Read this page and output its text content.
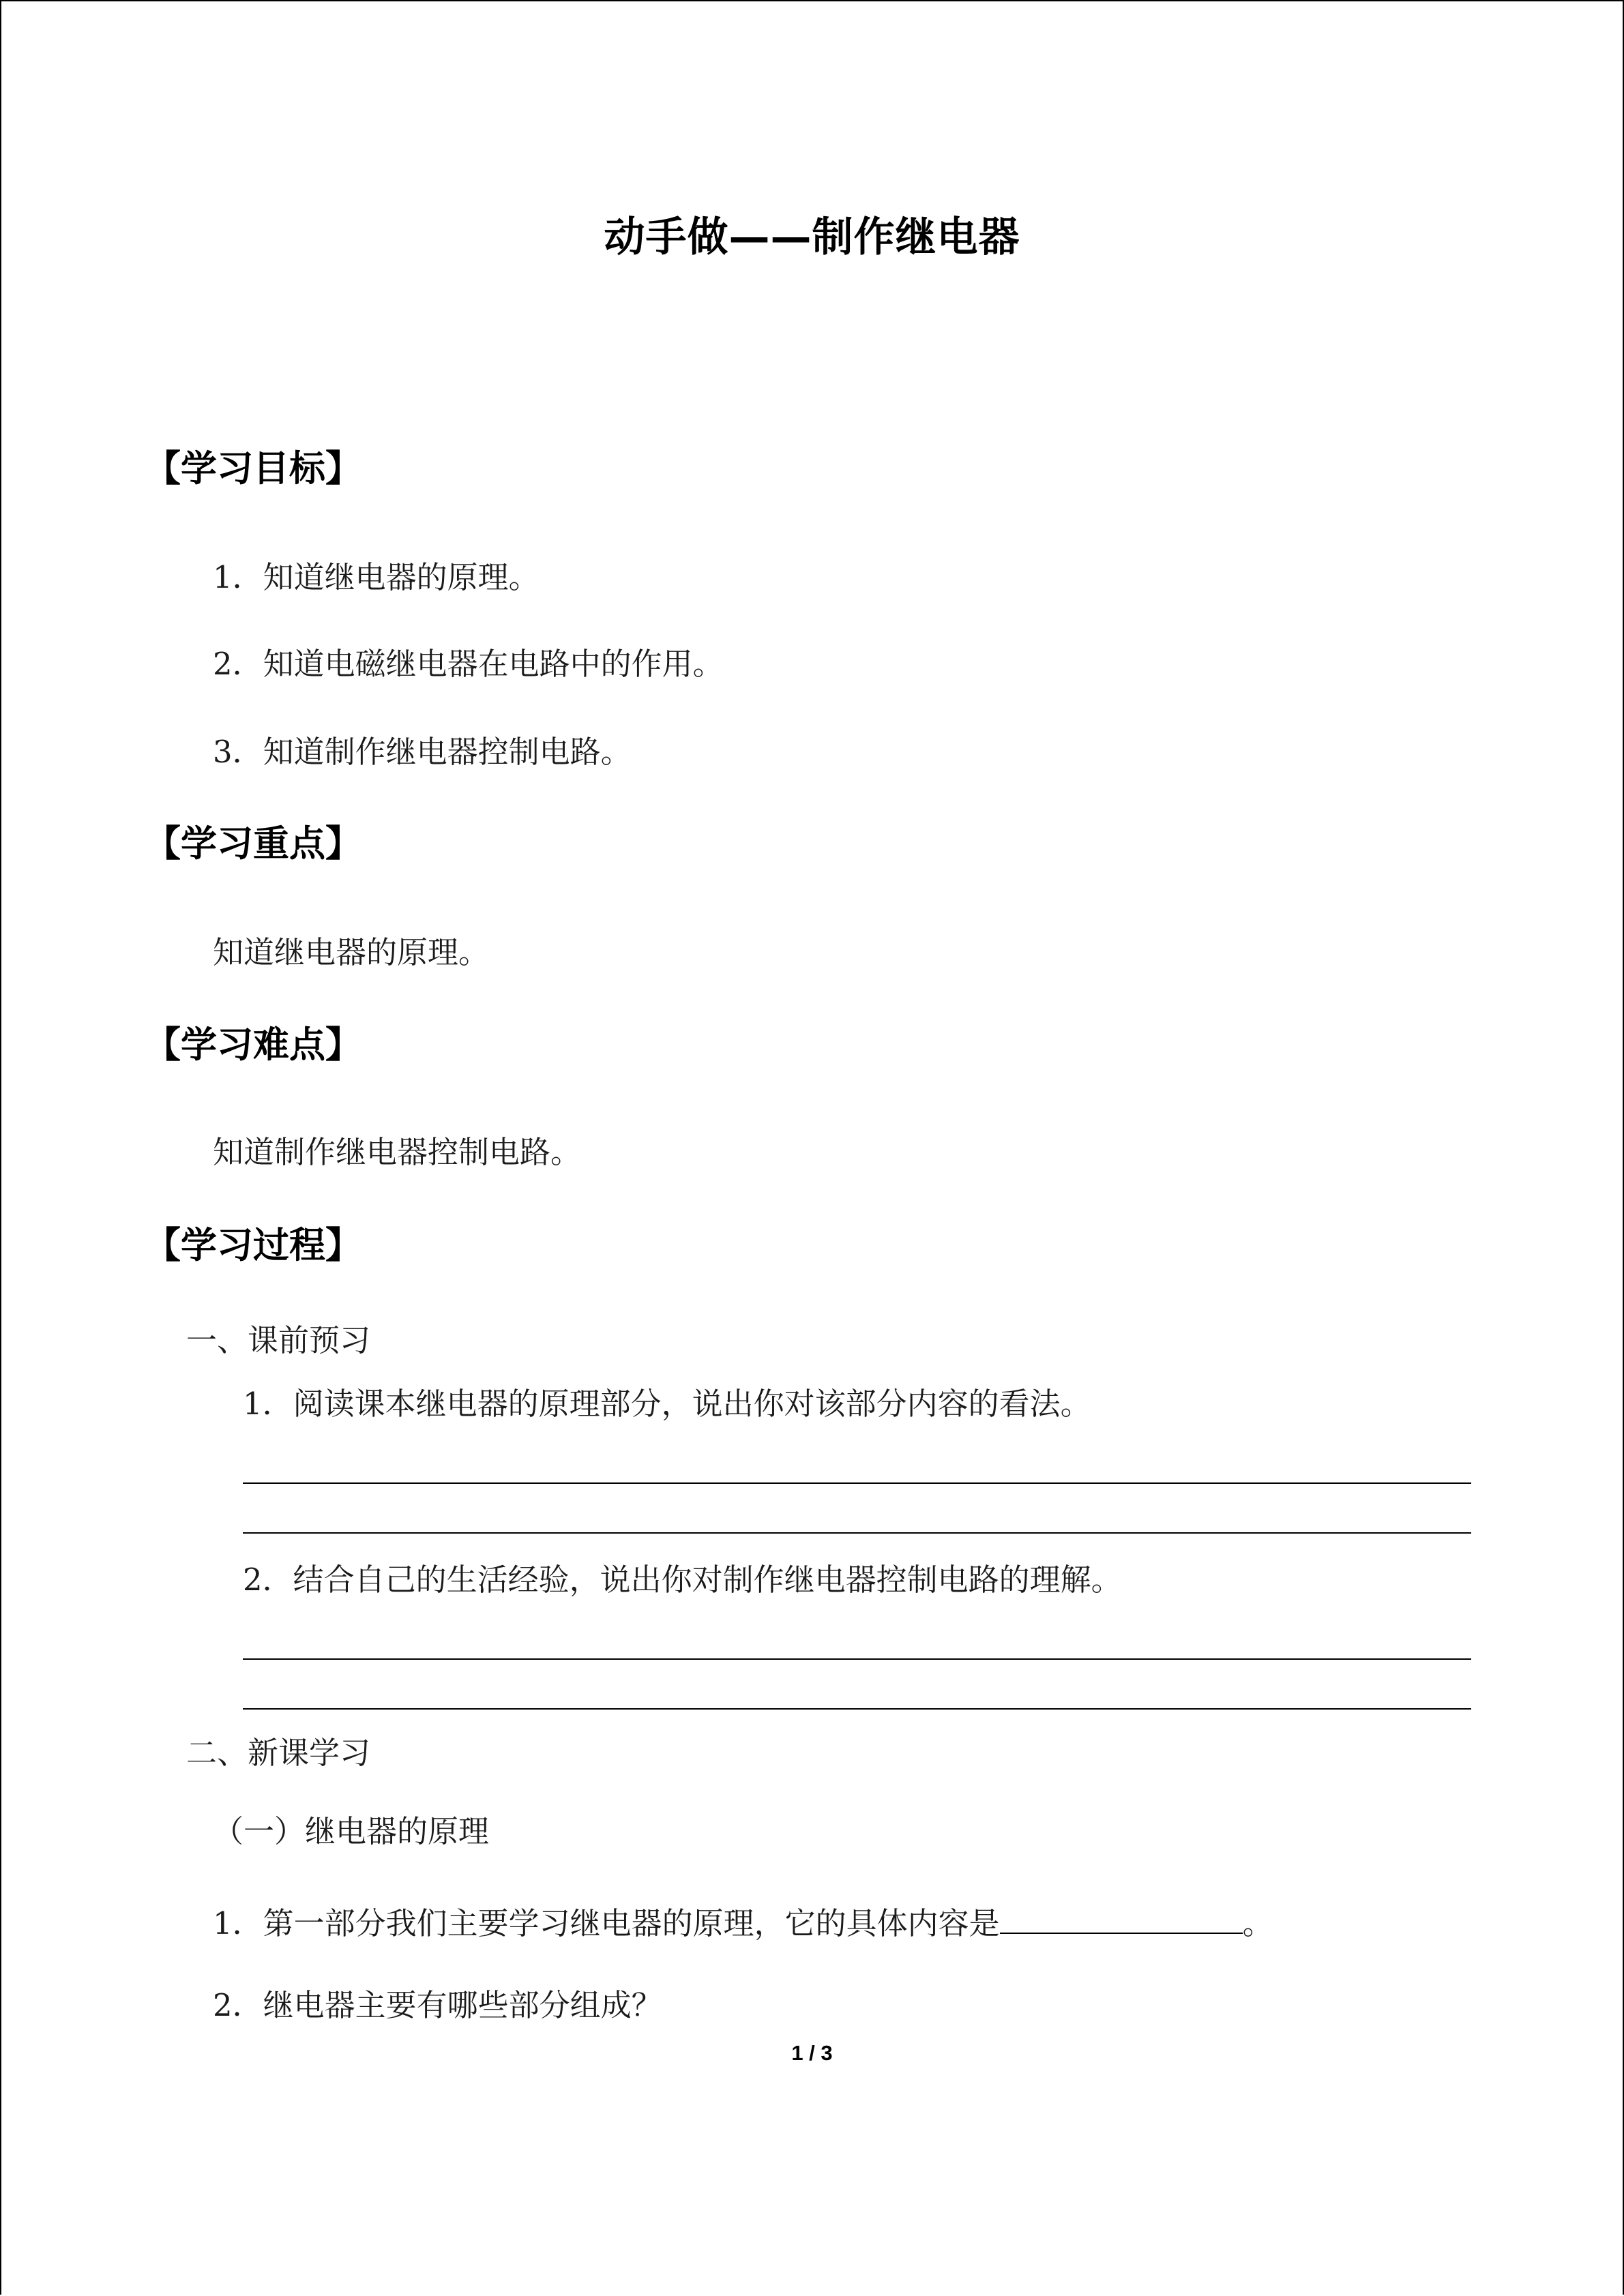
动手做——制作继电器
【学习目标】
1．知道继电器的原理。
2．知道电磁继电器在电路中的作用。
3．知道制作继电器控制电路。
【学习重点】
知道继电器的原理。
【学习难点】
知道制作继电器控制电路。
【学习过程】
一、课前预习
1．阅读课本继电器的原理部分，说出你对该部分内容的看法。
2．结合自己的生活经验，说出你对制作继电器控制电路的理解。
二、新课学习
（一）继电器的原理
1．第一部分我们主要学习继电器的原理，它的具体内容是	。
2．继电器主要有哪些部分组成？
1 / 3
